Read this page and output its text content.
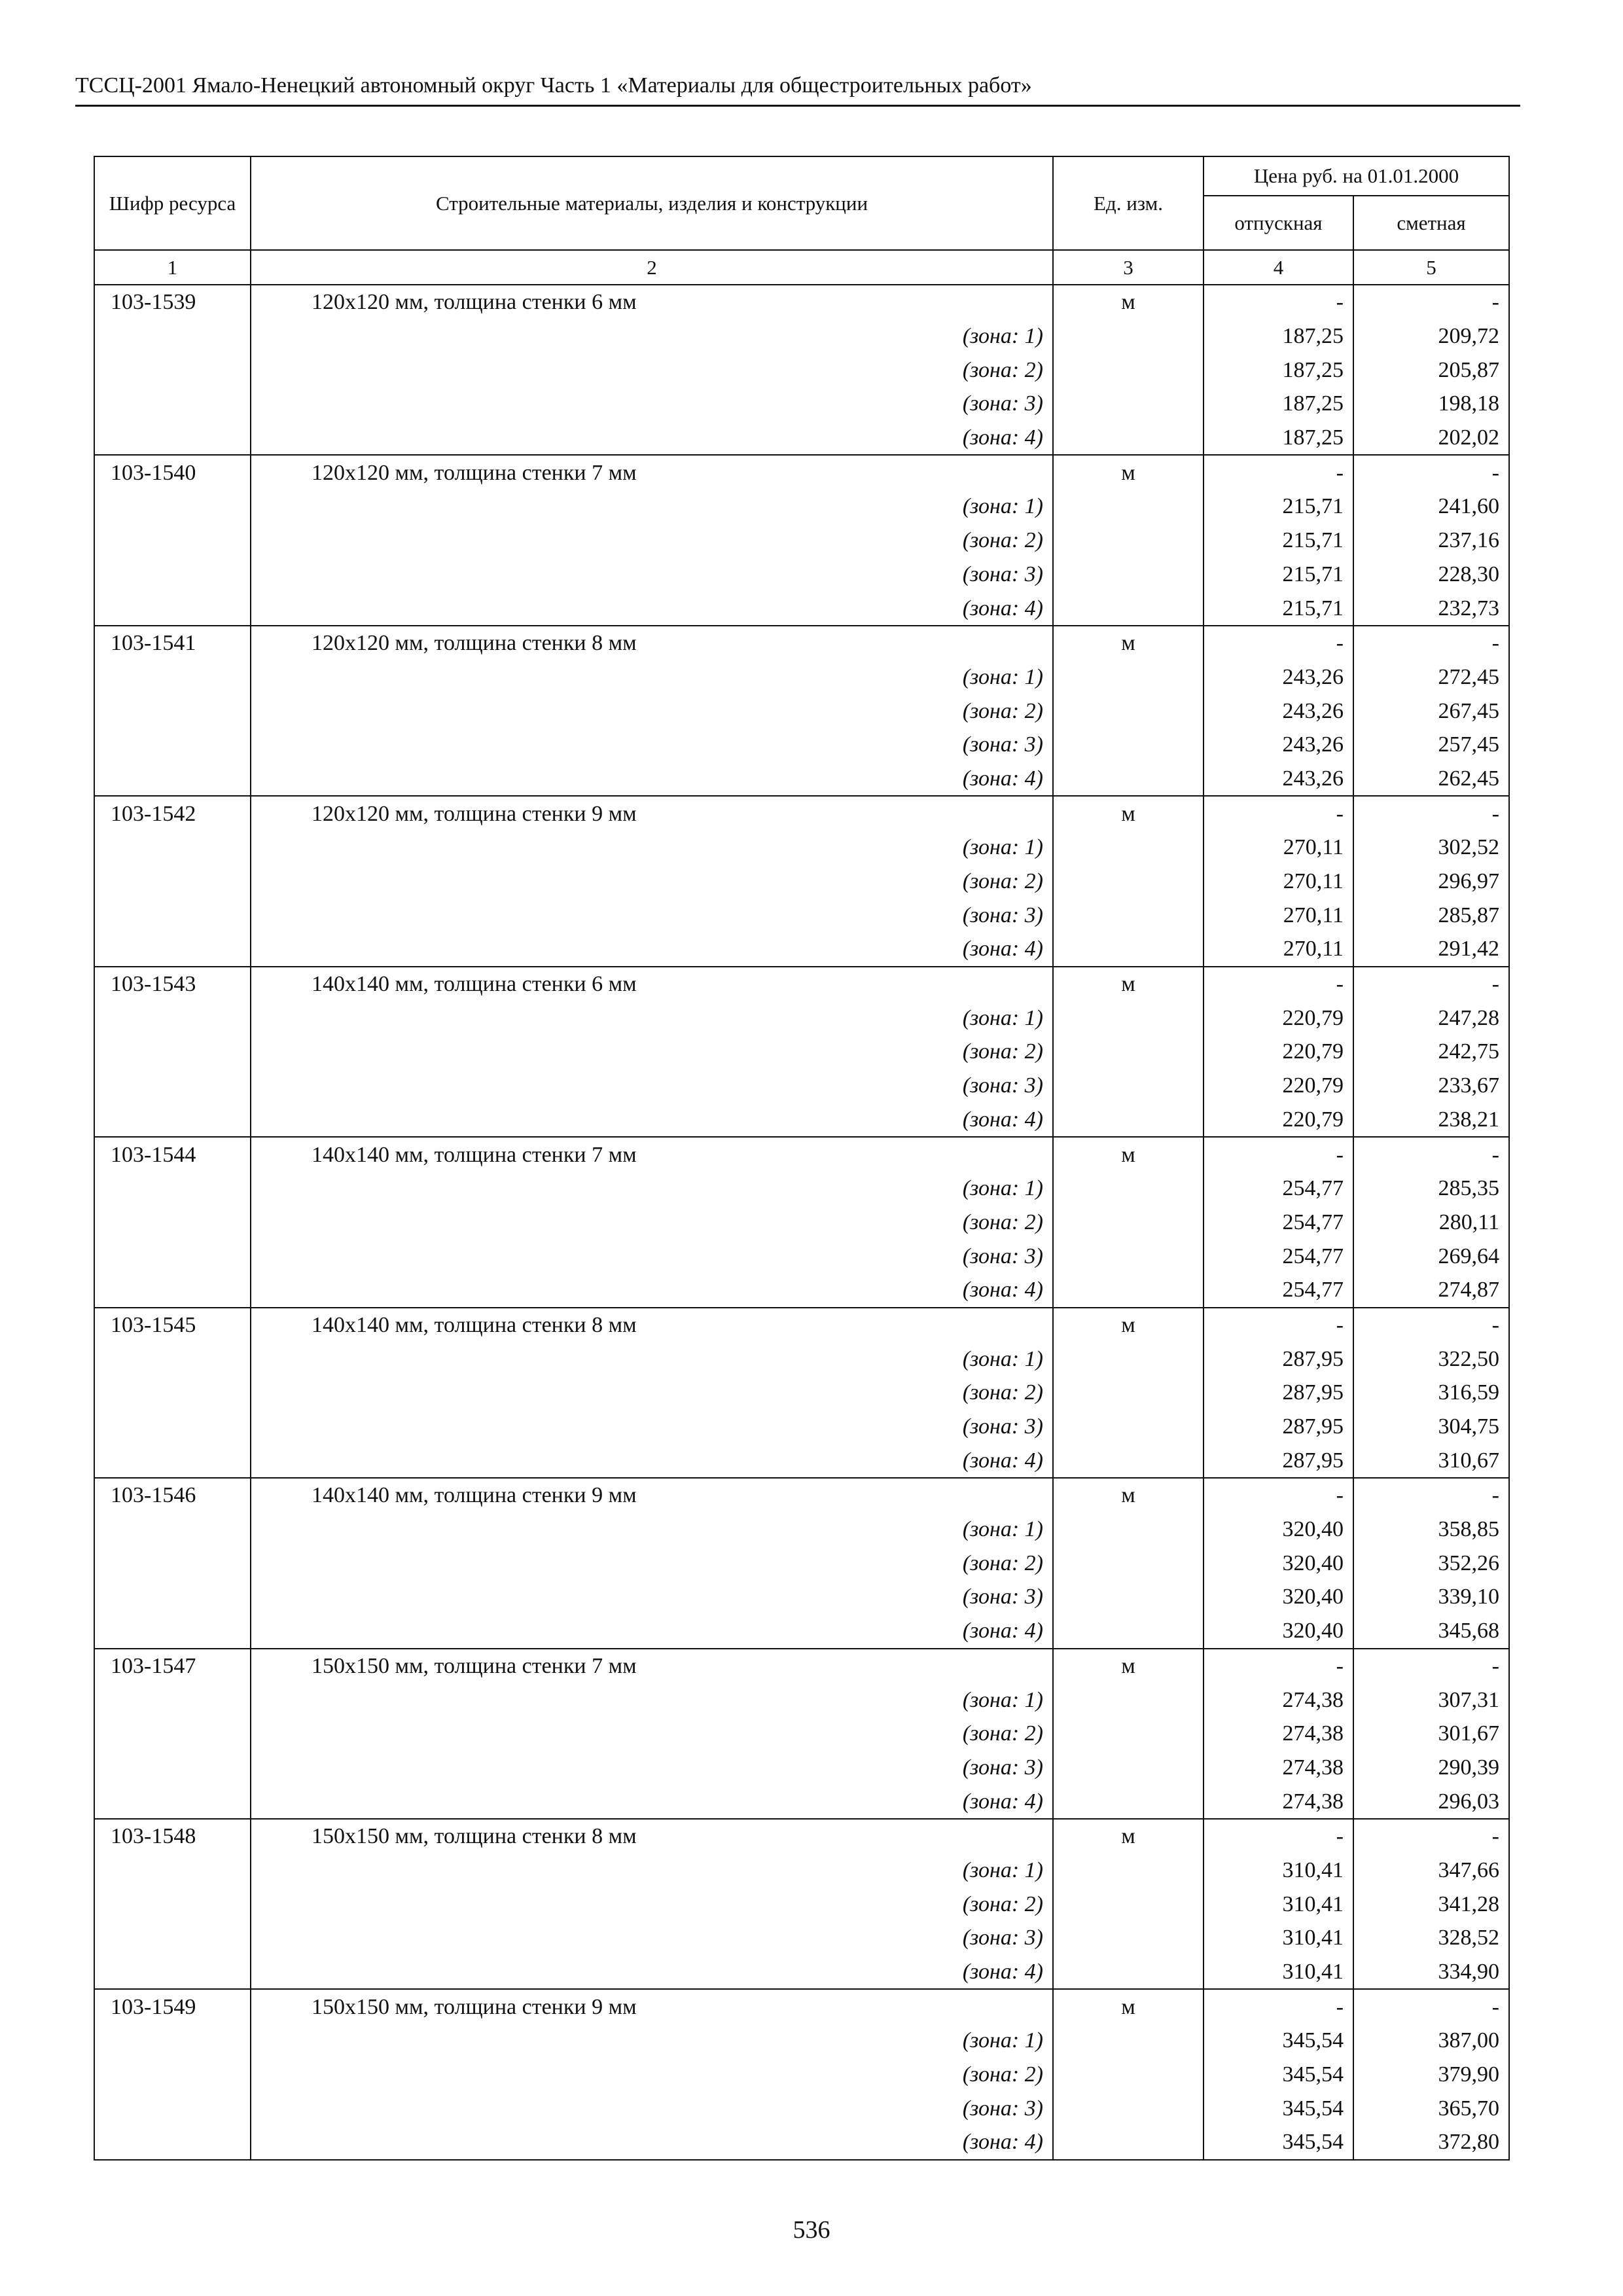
ТССЦ-2001 Ямало-Ненецкий автономный округ Часть 1 «Материалы для общестроительных работ»
Шифр ресурса	Строительные материалы, изделия и конструкции	Ед. изм.	Цена руб. на 01.01.2000	
			отпускная	сметная
1	2	3	4	5
103-1539	120х120 мм, толщина стенки 6 мм	м	-	-
	(зона: 1)		187,25	209,72
	(зона: 2)		187,25	205,87
	(зона: 3)		187,25	198,18
	(зона: 4)		187,25	202,02
103-1540	120х120 мм, толщина стенки 7 мм	м	-	-
	(зона: 1)		215,71	241,60
	(зона: 2)		215,71	237,16
	(зона: 3)		215,71	228,30
	(зона: 4)		215,71	232,73
103-1541	120х120 мм, толщина стенки 8 мм	м	-	-
	(зона: 1)		243,26	272,45
	(зона: 2)		243,26	267,45
	(зона: 3)		243,26	257,45
	(зона: 4)		243,26	262,45
103-1542	120х120 мм, толщина стенки 9 мм	м	-	-
	(зона: 1)		270,11	302,52
	(зона: 2)		270,11	296,97
	(зона: 3)		270,11	285,87
	(зона: 4)		270,11	291,42
103-1543	140х140 мм, толщина стенки 6 мм	м	-	-
	(зона: 1)		220,79	247,28
	(зона: 2)		220,79	242,75
	(зона: 3)		220,79	233,67
	(зона: 4)		220,79	238,21
103-1544	140х140 мм, толщина стенки 7 мм	м	-	-
	(зона: 1)		254,77	285,35
	(зона: 2)		254,77	280,11
	(зона: 3)		254,77	269,64
	(зона: 4)		254,77	274,87
103-1545	140х140 мм, толщина стенки 8 мм	м	-	-
	(зона: 1)		287,95	322,50
	(зона: 2)		287,95	316,59
	(зона: 3)		287,95	304,75
	(зона: 4)		287,95	310,67
103-1546	140х140 мм, толщина стенки 9 мм	м	-	-
	(зона: 1)		320,40	358,85
	(зона: 2)		320,40	352,26
	(зона: 3)		320,40	339,10
	(зона: 4)		320,40	345,68
103-1547	150х150 мм, толщина стенки 7 мм	м	-	-
	(зона: 1)		274,38	307,31
	(зона: 2)		274,38	301,67
	(зона: 3)		274,38	290,39
	(зона: 4)		274,38	296,03
103-1548	150х150 мм, толщина стенки 8 мм	м	-	-
	(зона: 1)		310,41	347,66
	(зона: 2)		310,41	341,28
	(зона: 3)		310,41	328,52
	(зона: 4)		310,41	334,90
103-1549	150х150 мм, толщина стенки 9 мм	м	-	-
	(зона: 1)		345,54	387,00
	(зона: 2)		345,54	379,90
	(зона: 3)		345,54	365,70
	(зона: 4)		345,54	372,80
536
